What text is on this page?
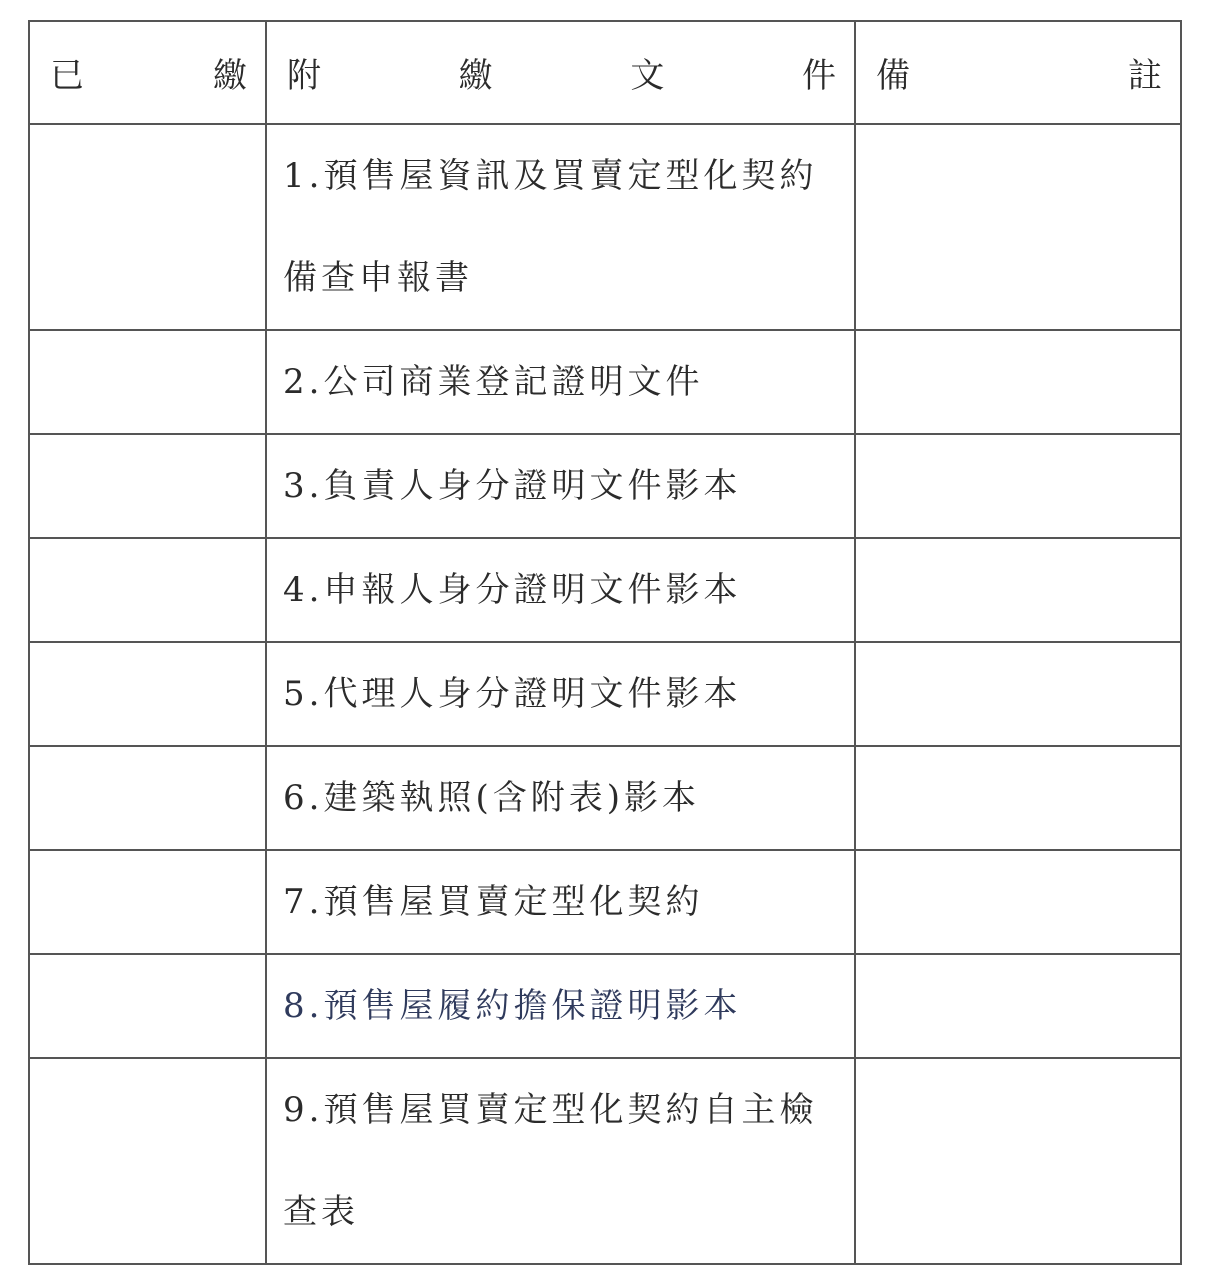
已 繳	附 繳 文 件	備 註

	1.預售屋資訊及買賣定型化契約
備查申報書	

	2.公司商業登記證明文件	

	3.負責人身分證明文件影本	

	4.申報人身分證明文件影本	

	5.代理人身分證明文件影本	

	6.建築執照(含附表)影本	

	7.預售屋買賣定型化契約	

	8.預售屋履約擔保證明影本	

	9.預售屋買賣定型化契約自主檢
查表	
